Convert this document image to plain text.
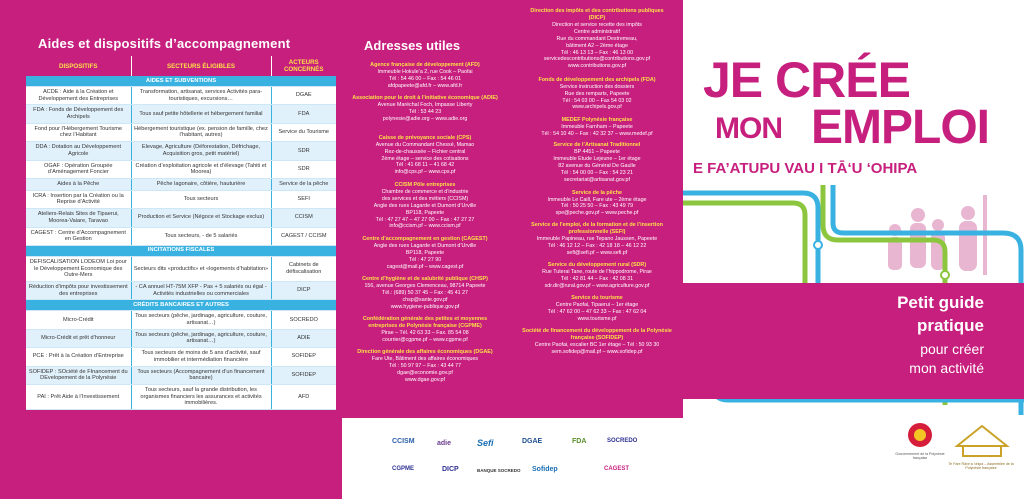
Aides et dispositifs d’accompagnement
DISPOSITIFS	SECTEURS ÉLIGIBLES	ACTEURS CONCERNÉS
AIDES ET SUBVENTIONS		
ACDE : Aide à la Création et Développement des Entreprises	Transformation, artisanat, services Activités para-touristiques, excursions…	DGAE
FDA : Fonds de Développement des Archipels	Tous sauf petite hôtellerie et hébergement familial	FDA
Fond pour l’Hébergement Tourisme chez l’Habitant	Hébergement touristique (ex. pension de famille, chez l’habitant, autres)	Service du Tourisme
DDA : Dotation au Développement Agricole	Elevage, Agriculture (Déforestation, Défrichage, Acquisition gros, petit matériel)	SDR
OGAF : Opération Groupée d’Aménagement Foncier	Création d’exploitation agricole et d’élevage (Tahiti et Moorea)	SDR
Aides à la Pêche	Pêche lagonaire, côtière, hauturière	Service de la pêche
ICRA : Insertion par la Création ou la Reprise d’Activité	Tous secteurs	SEFI
Ateliers-Relais Sites de Tipaerui, Moorea-Vaiare, Taravao	Production et Service (Négoce et Stockage exclus)	CCISM
CAGEST : Centre d’Accompagnement en Gestion	Tous secteurs, - de 5 salariés	CAGEST / CCISM
INCITATIONS FISCALES		
DEFISCALISATION LODEOM Loi pour le Développement Economique des Outre-Mers	Secteurs dits «productifs» et «logements d’habitation»	Cabinets de défiscalisation
Réduction d’impôts pour investissement des entreprises	- CA annuel HT-75M XFP - Pas + 5 salariés ou égal - Activités industrielles ou commerciales	DICP
CRÉDITS BANCAIRES ET AUTRES		
Micro-Crédit	Tous secteurs (pêche, jardinage, agriculture, couture, artisanat…)	SOCREDO
Micro-Crédit et prêt d’honneur	Tous secteurs (pêche, jardinage, agriculture, couture, artisanat…)	ADIE
PCE : Prêt à la Création d’Entreprise	Tous secteurs de moins de 5 ans d’activité, sauf immobilier et intermédiation financière	SOFIDEP
SOFIDEP : SOciété de FInancement du DEvelopement de la Polynésie	Tous secteurs (Accompagnement d’un financement bancaire)	SOFIDEP
PAI : Prêt Aide à l’Investissement	Tous secteurs, sauf la grande distribution, les organismes financiers les assurances et activités immobilières.	AFD
Adresses utiles
Agence française de développement (AFD)
Immeuble Hokule’a 2, rue Cook – Paofai
Tél : 54 46 00 – Fax : 54 46 01
afdpapeete@afd.fr – www.afd.fr
Association pour le droit à l’initiative économique (ADIE)
Avenue Maréchal Foch, Impasse Liberty
Tél : 53 44 23
polynesie@adie.org – www.adie.org
Caisse de prévoyance sociale (CPS)
Avenue du Commandant Chessé, Mamao
Rez-de-chaussée – Fichier central
2ème étage – service des cotisations
Tél : 41 68 11 – 41 68 42
info@cps.pf – www.cps.pf
CCISM Pôle entreprises
Chambre de commerce et d’industrie
des services et des métiers (CCISM)
Angle des rues Lagarde et Dumont d’Urville
BP118, Papeete
Tél : 47 27 47 – 47 27 00 – Fax : 47 27 27
info@ccism.pf – www.ccism.pf
Centre d’accompagnement en gestion (CAGEST)
Angle des rues Lagarde et Dumont d’Urville
BP118, Papeete
Tél : 47 27 90
cagest@mail.pf – www.cagest.pf
Centre d’hygiène et de salubrité publique (CHSP)
156, avenue Georges Clemenceau, 98714 Papeete
Tél.: (689) 50 37 45 – Fax : 45 41 27
chsp@sante.gov.pf
www.hygiene-publique.gov.pf
Confédération générale des petites et moyennes entreprises de Polynésie française (CGPME)
Pirae – Tél. 42 63 33 – Fax. 85 54 08
courrier@cgpme.pf – www.cgpme.pf
Direction générale des affaires économiques (DGAE)
Fare Ute, Bâtiment des affaires économiques
Tél : 50 97 97 – Fax : 43 44 77
dgae@economie.gov.pf
www.dgae.gov.pf
Direction des impôts et des contributions publiques (DICP)
Direction et service recette des impôts
Centre administratif
Rue du commandant Destremeau,
bâtiment A2 – 2ème étage
Tél : 46 13 13 – Fax : 46 13 00
servicedescontributions@contributions.gov.pf
www.contributions.gov.pf
Fonds de développement des archipels (FDA)
Service instruction des dossiers
Rue des remparts, Papeete
Tél : 54 03 00 – Fax 54 03 02
www.archipels.gov.pf
MEDEF Polynésie française
Immeuble Farnham – Papeete
Tél : 54 10 40 – Fax : 42 32 37 – www.medef.pf
Service de l’Artisanat Traditionnel
BP 4451 – Papeete
Immeuble Etude Lejeune – 1er étage
82 avenue du Général De Gaulle
Tél : 54 00 00 – Fax : 54 23 21
secretariat@artisanat.gov.pf
Service de la pêche
Immeuble Le Caill, Fare ute – 2ème étage
Tél : 50 25 50 – Fax : 43 49 79
spe@peche.gov.pf – www.peche.pf
Service de l’emploi, de la formation et de l’insertion professionnelle (SEFI)
Immeuble Papineau, rue Tepano Jaussen, Papeete
Tél : 46 12 12 – Fax : 42 18 18 – 46 12 22
sefi@sefi.pf – www.sefi.pf
Service du développement rural (SDR)
Rue Tuterai Tane, route de l’hippodrome, Pirae
Tél : 42 81 44 – Fax : 42 08 31
sdr.dir@rural.gov.pf – www.agriculture.gov.pf
Service du tourisme
Centre Paofai, Tipaerui – 1er étage
Tél : 47 62 00 – 47 62 33 – Fax : 47 62 04
www.tourisme.pf
Société de financement du développement de la Polynésie française (SOFIDEP)
Centre Paofai, escalier BC 1er étage – Tél : 50 93 30
sem.sofidep@mail.pf – www.sofidep.pf
CCISM	adie	Sefi	DGAE	FDA	SOCREDO
DICP	BANQUE SOCREDO Sofidep	CAGEST
CGPME
JE CRÉE
MON EMPLOI
E FA’ATUPU VAU I TĀ‘U ‘OHIPA
Petit guide
pratique
pour créer
mon activité
Gouvernement de la Polynésie française
Te Fare Rāve’a ‘ohipa – Assemblée de la Polynésie française
